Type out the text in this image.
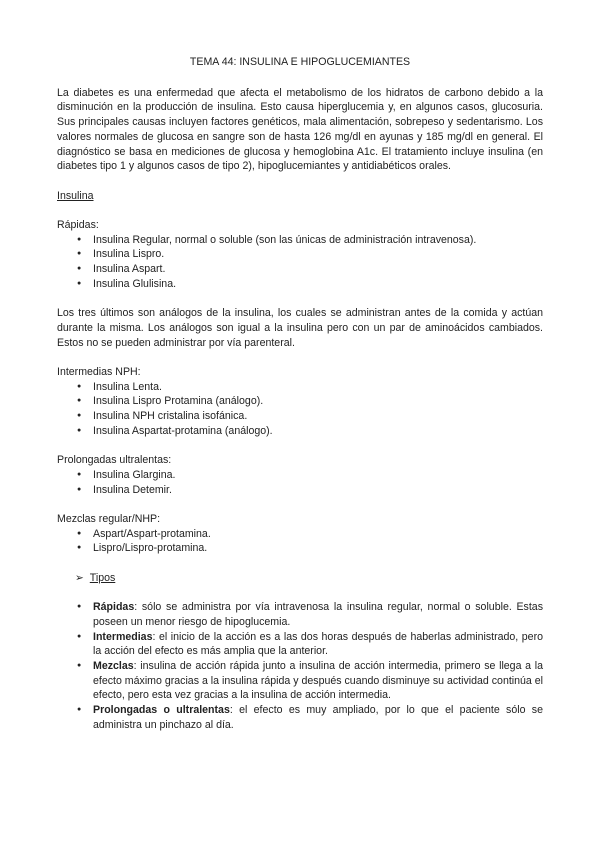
TEMA 44: INSULINA E HIPOGLUCEMIANTES

La diabetes es una enfermedad que afecta el metabolismo de los hidratos de carbono debido a la disminución en la producción de insulina. Esto causa hiperglucemia y, en algunos casos, glucosuria. Sus principales causas incluyen factores genéticos, mala alimentación, sobrepeso y sedentarismo. Los valores normales de glucosa en sangre son de hasta 126 mg/dl en ayunas y 185 mg/dl en general. El diagnóstico se basa en mediciones de glucosa y hemoglobina A1c. El tratamiento incluye insulina (en diabetes tipo 1 y algunos casos de tipo 2), hipoglucemiantes y antidiabéticos orales.

Insulina
Rápidas:
● Insulina Regular, normal o soluble (son las únicas de administración intravenosa).
● Insulina Lispro.
● Insulina Aspart.
● Insulina Glulisina.

Los tres últimos son análogos de la insulina, los cuales se administran antes de la comida y actúan durante la misma. Los análogos son igual a la insulina pero con un par de aminoácidos cambiados. Estos no se pueden administrar por vía parenteral.

Intermedias NPH:
● Insulina Lenta.
● Insulina Lispro Protamina (análogo).
● Insulina NPH cristalina isofánica.
● Insulina Aspartat-protamina (análogo).
Prolongadas ultralentas:
● Insulina Glargina.
● Insulina Detemir.
Mezclas regular/NHP:
● Aspart/Aspart-protamina.
● Lispro/Lispro-protamina.
➢ Tipos
● Rápidas: sólo se administra por vía intravenosa la insulina regular, normal o soluble. Estas poseen un menor riesgo de hipoglucemia.
● Intermedias: el inicio de la acción es a las dos horas después de haberlas administrado, pero la acción del efecto es más amplia que la anterior.
● Mezclas: insulina de acción rápida junto a insulina de acción intermedia, primero se llega a la efecto máximo gracias a la insulina rápida y después cuando disminuye su actividad continúa el efecto, pero esta vez gracias a la insulina de acción intermedia.
● Prolongadas o ultralentas: el efecto es muy ampliado, por lo que el paciente sólo se administra un pinchazo al día.
